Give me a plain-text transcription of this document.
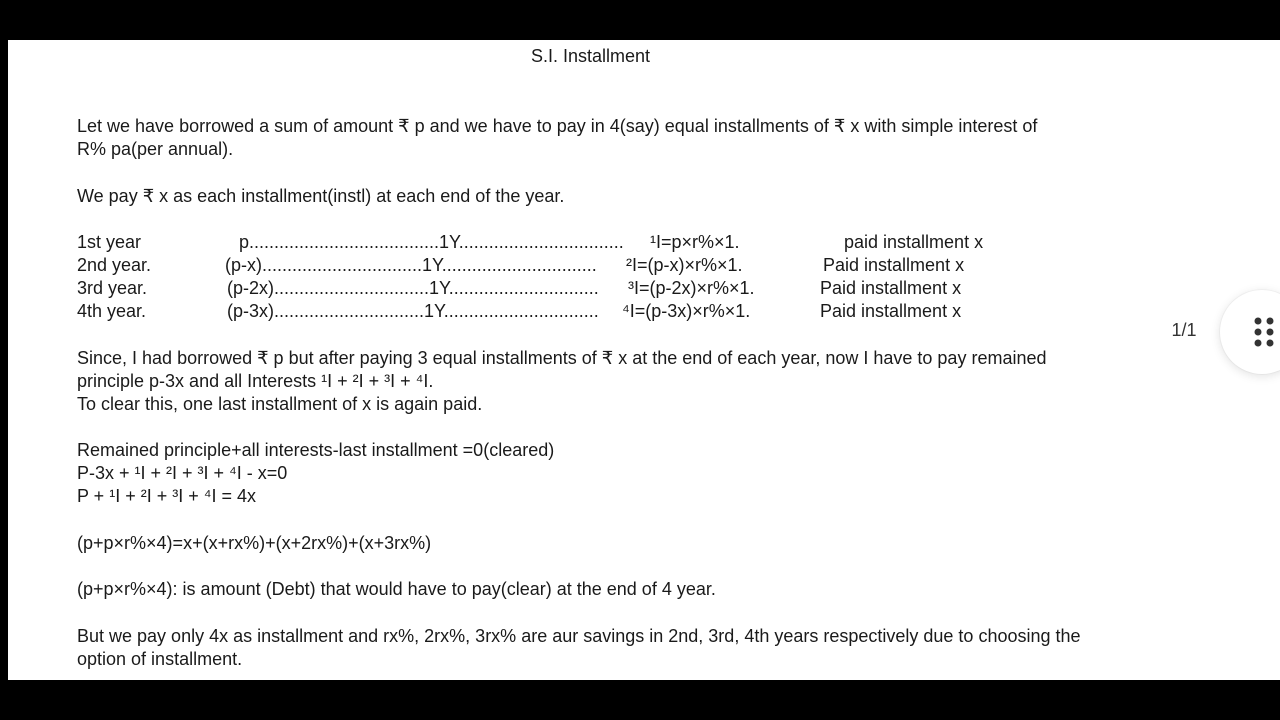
S.I. Installment

Let we have borrowed a sum of amount ₹ p and we have to pay in 4(say) equal installments of ₹ x with simple interest of

R% pa(per annual).

We pay ₹ x as each installment(instl) at each end of the year.

1st year	p......................................1Y................................. ¹I=p×r%×1.	paid installment x
2nd year.	(p-x)................................1Y............................... ²I=(p-x)×r%×1.	Paid installment x
3rd year.	(p-2x)...............................1Y.............................. ³I=(p-2x)×r%×1.	Paid installment x
4th year.	(p-3x)..............................1Y............................... ⁴I=(p-3x)×r%×1.	Paid installment x

Since, I had borrowed ₹ p but after paying 3 equal installments of ₹ x at the end of each year, now I have to pay remained

principle p-3x and all Interests ¹I + ²I + ³I + ⁴I.

To clear this, one last installment of x is again paid.

Remained principle+all interests-last installment =0(cleared)

P-3x + ¹I + ²I + ³I + ⁴I - x=0

P + ¹I + ²I + ³I + ⁴I = 4x

(p+p×r%×4)=x+(x+rx%)+(x+2rx%)+(x+3rx%)

(p+p×r%×4): is amount (Debt) that would have to pay(clear) at the end of 4 year.

But we pay only 4x as installment and rx%, 2rx%, 3rx% are aur savings in 2nd, 3rd, 4th years respectively due to choosing the

option of installment.

1/1
